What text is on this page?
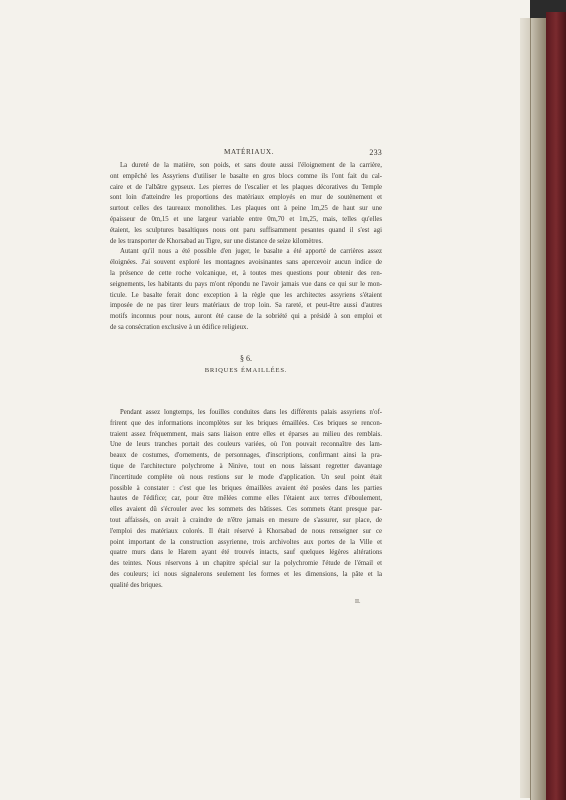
MATÉRIAUX.	233
La dureté de la matière, son poids, et sans doute aussi l'éloignement de la carrière,
ont empêché les Assyriens d'utiliser le basalte en gros blocs comme ils l'ont fait du cal-
caire et de l'albâtre gypseux. Les pierres de l'escalier et les plaques décoratives du Temple
sont loin d'atteindre les proportions des matériaux employés en mur de soutènement et
surtout celles des taureaux monolithes. Les plaques ont à peine 1m,25 de haut sur une
épaisseur de 0m,15 et une largeur variable entre 0m,70 et 1m,25, mais, telles qu'elles
étaient, les sculptures basaltiques nous ont paru suffisamment pesantes quand il s'est agi
de les transporter de Khorsabad au Tigre, sur une distance de seize kilomètres.
Autant qu'il nous a été possible d'en juger, le basalte a été apporté de carrières assez
éloignées. J'ai souvent exploré les montagnes avoisinantes sans apercevoir aucun indice de
la présence de cette roche volcanique, et, à toutes mes questions pour obtenir des ren-
seignements, les habitants du pays m'ont répondu ne l'avoir jamais vue dans ce qui sur le mon-
ticule. Le basalte ferait donc exception à la règle que les architectes assyriens s'étaient
imposée de ne pas tirer leurs matériaux de trop loin. Sa rareté, et peut-être aussi d'autres
motifs inconnus pour nous, auront été cause de la sobriété qui a présidé à son emploi et
de sa consécration exclusive à un édifice religieux.
§ 6.
BRIQUES ÉMAILLÉES.
Pendant assez longtemps, les fouilles conduites dans les différents palais assyriens n'of-
frirent que des informations incomplètes sur les briques émaillées. Ces briques se rencon-
traient assez fréquemment, mais sans liaison entre elles et éparses au milieu des remblais.
Une de leurs tranches portait des couleurs variées, où l'on pouvait reconnaître des lam-
beaux de costumes, d'ornements, de personnages, d'inscriptions, confirmant ainsi la pra-
tique de l'architecture polychrome à Ninive, tout en nous laissant regretter davantage
l'incertitude complète où nous restions sur le mode d'application. Un seul point était
possible à constater : c'est que les briques émaillées avaient été posées dans les parties
hautes de l'édifice; car, pour être mêlées comme elles l'étaient aux terres d'éboulement,
elles avaient dû s'écrouler avec les sommets des bâtisses. Ces sommets étant presque par-
tout affaissés, on avait à craindre de n'être jamais en mesure de s'assurer, sur place, de
l'emploi des matériaux colorés. Il était réservé à Khorsabad de nous renseigner sur ce
point important de la construction assyrienne, trois archivoltes aux portes de la Ville et
quatre murs dans le Harem ayant été trouvés intacts, sauf quelques légères altérations
des teintes. Nous réservons à un chapitre spécial sur la polychromie l'étude de l'émail et
des couleurs; ici nous signalerons seulement les formes et les dimensions, la pâte et la
qualité des briques.
II.
